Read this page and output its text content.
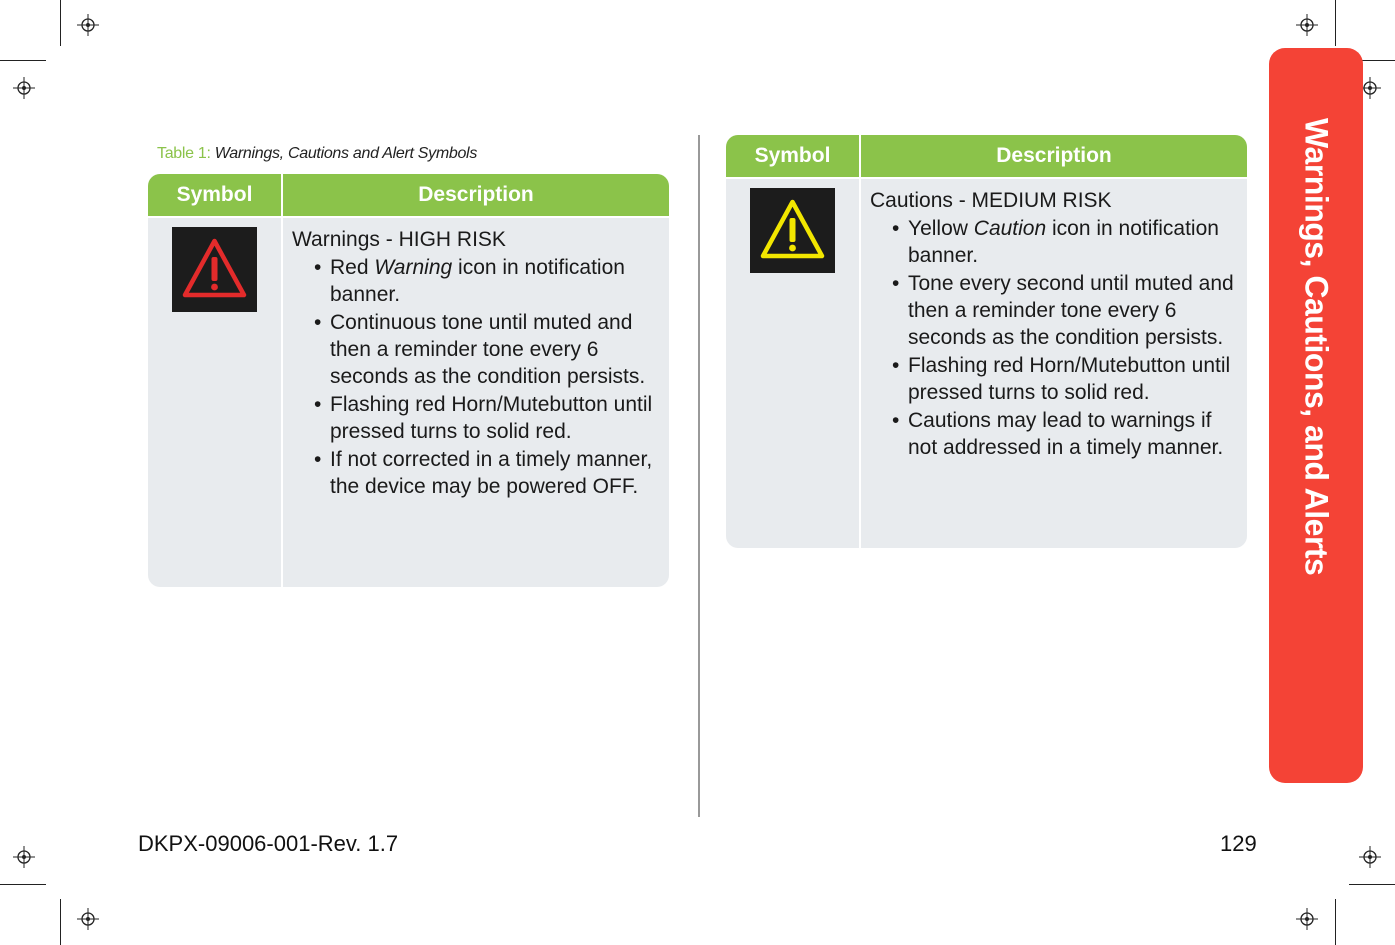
Table 1: Warnings, Cautions and Alert Symbols
Symbol	Description
Warnings - HIGH RISK
• Red Warning icon in notification banner.
• Continuous tone until muted and then a reminder tone every 6 seconds as the condition persists.
• Flashing red Horn/Mutebutton until pressed turns to solid red.
• If not corrected in a timely manner, the device may be powered OFF.
Symbol	Description
Cautions - MEDIUM RISK
• Yellow Caution icon in notification banner.
• Tone every second until muted and then a reminder tone every 6 seconds as the condition persists.
• Flashing red Horn/Mutebutton until pressed turns to solid red.
• Cautions may lead to warnings if not addressed in a timely manner.	Warnings, Cautions, and Alerts
DKPX-09006-001-Rev. 1.7	129
